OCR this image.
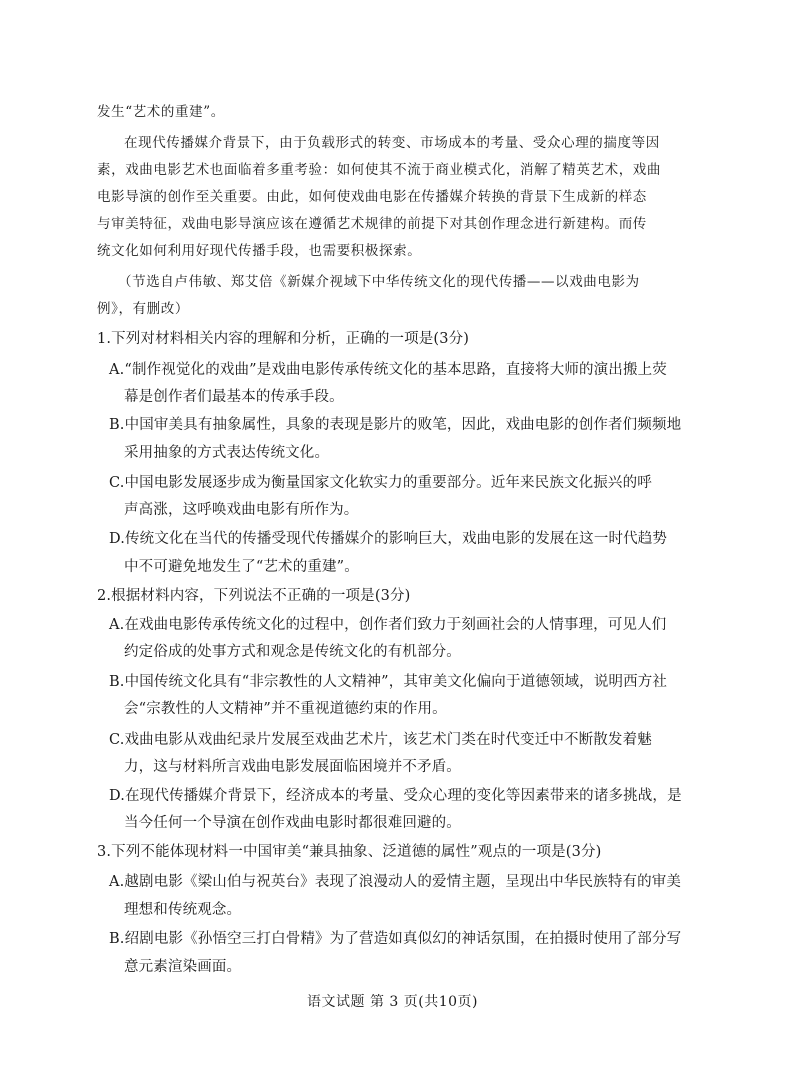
发生“艺术的重建”。
在现代传播媒介背景下，由于负载形式的转变、市场成本的考量、受众心理的揣度等因
素，戏曲电影艺术也面临着多重考验：如何使其不流于商业模式化，消解了精英艺术，戏曲
电影导演的创作至关重要。由此，如何使戏曲电影在传播媒介转换的背景下生成新的样态
与审美特征，戏曲电影导演应该在遵循艺术规律的前提下对其创作理念进行新建构。而传
统文化如何利用好现代传播手段，也需要积极探索。
（节选自卢伟敏、郑艾倍《新媒介视域下中华传统文化的现代传播——以戏曲电影为
例》，有删改）
1.下列对材料相关内容的理解和分析，正确的一项是(3分)
A.“制作视觉化的戏曲”是戏曲电影传承传统文化的基本思路，直接将大师的演出搬上荧
幕是创作者们最基本的传承手段。
B.中国审美具有抽象属性，具象的表现是影片的败笔，因此，戏曲电影的创作者们频频地
采用抽象的方式表达传统文化。
C.中国电影发展逐步成为衡量国家文化软实力的重要部分。近年来民族文化振兴的呼
声高涨，这呼唤戏曲电影有所作为。
D.传统文化在当代的传播受现代传播媒介的影响巨大，戏曲电影的发展在这一时代趋势
中不可避免地发生了“艺术的重建”。
2.根据材料内容，下列说法不正确的一项是(3分)
A.在戏曲电影传承传统文化的过程中，创作者们致力于刻画社会的人情事理，可见人们
约定俗成的处事方式和观念是传统文化的有机部分。
B.中国传统文化具有“非宗教性的人文精神”，其审美文化偏向于道德领域，说明西方社
会“宗教性的人文精神”并不重视道德约束的作用。
C.戏曲电影从戏曲纪录片发展至戏曲艺术片，该艺术门类在时代变迁中不断散发着魅
力，这与材料所言戏曲电影发展面临困境并不矛盾。
D.在现代传播媒介背景下，经济成本的考量、受众心理的变化等因素带来的诸多挑战，是
当今任何一个导演在创作戏曲电影时都很难回避的。
3.下列不能体现材料一中国审美“兼具抽象、泛道德的属性”观点的一项是(3分)
A.越剧电影《梁山伯与祝英台》表现了浪漫动人的爱情主题，呈现出中华民族特有的审美
理想和传统观念。
B.绍剧电影《孙悟空三打白骨精》为了营造如真似幻的神话氛围，在拍摄时使用了部分写
意元素渲染画面。
语文试题 第 3 页(共10页)
